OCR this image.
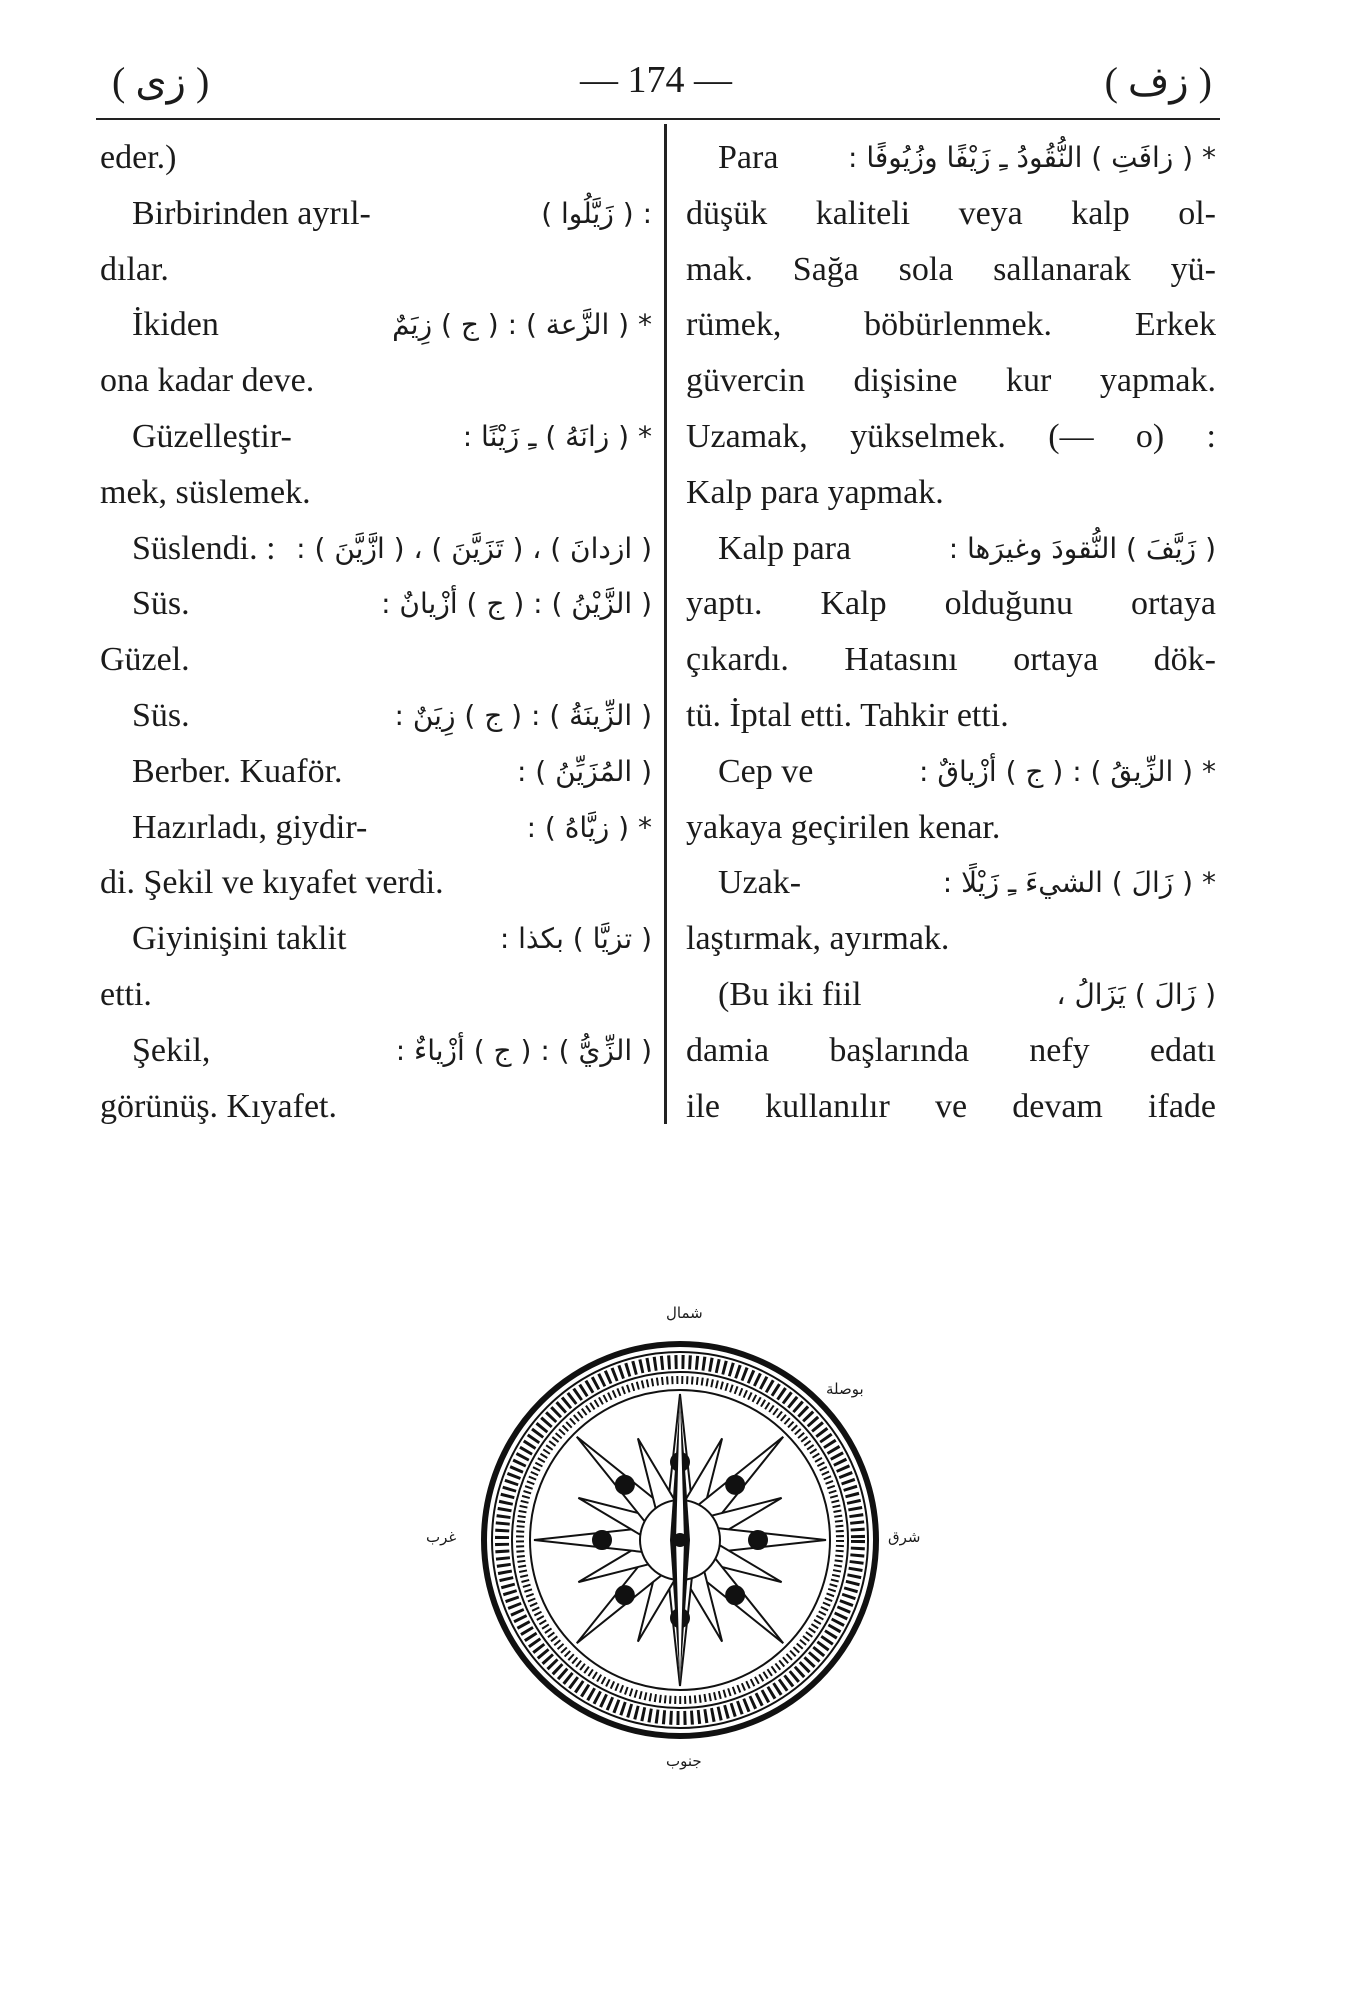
( زى )	— 174 —	( زف )
eder.)
Birbirinden ayrıl-	: ( زَيَّلُوا )
dılar.
İkiden	* ( الزَّعة ) : ( ج ) زِيَمٌ
ona kadar deve.
Güzelleştir-	* ( زانَهُ ) ـِ زَيْنًا :
mek, süslemek.
Süslendi. : ( ازدانَ ) ، ( تَزَيَّنَ ) ، ( ازَّيَّنَ ) :
Süs.	( الزَّيْنُ ) : ( ج ) أزْيانٌ :
Güzel.
Süs.	( الزِّينَةُ ) : ( ج ) زِيَنٌ :
Berber. Kuaför.	( المُزَيِّنُ ) :
Hazırladı, giydir-	* ( زيَّاهُ ) :
di. Şekil ve kıyafet verdi.
Giyinişini taklit	( تزيَّا ) بكذا :
etti.
Şekil,	( الزِّيُّ ) : ( ج ) أزْياءٌ :
görünüş. Kıyafet.
Para * ( زافَتِ ) النُّقُودُ ـِ زَيْفًا وزُيُوفًا :
düşük kaliteli veya kalp ol-
mak. Sağa sola sallanarak yü-
rümek, böbürlenmek. Erkek
güvercin dişisine kur yapmak.
Uzamak, yükselmek. (— o) :
Kalp para yapmak.
Kalp para	( زَيَّفَ ) النُّقودَ وغيرَها :
yaptı. Kalp olduğunu ortaya
çıkardı. Hatasını ortaya dök-
tü. İptal etti. Tahkir etti.
Cep ve	* ( الزِّيقُ ) : ( ج ) أزْياقٌ :
yakaya geçirilen kenar.
Uzak-	* ( زَالَ ) الشيءَ ـِ زَيْلًا :
laştırmak, ayırmak.
(Bu iki fiil	( زَالَ ) يَزَالُ ،
damia başlarında nefy edatı
ile kullanılır ve devam ifade
شمال
جنوب
شرق
غرب
بوصلة
